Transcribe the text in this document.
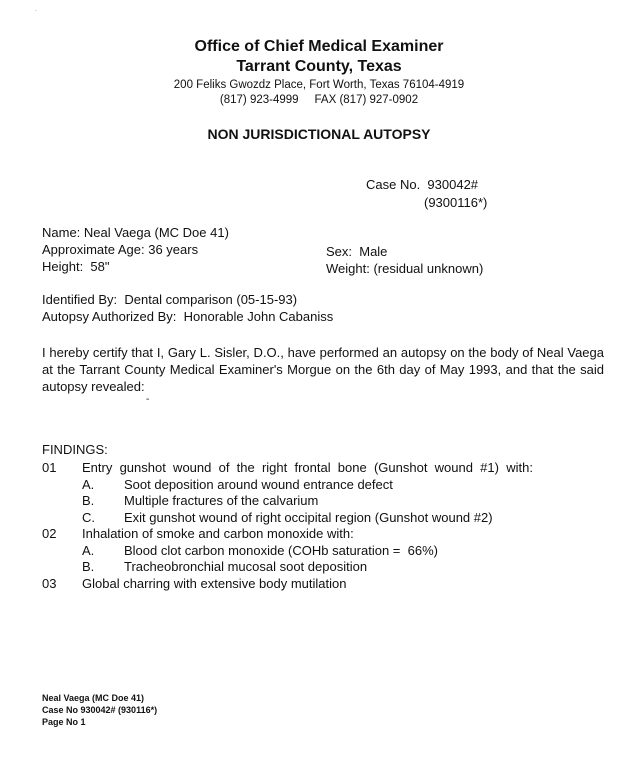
.
Office of Chief Medical Examiner
Tarrant County, Texas
200 Feliks Gwozdz Place, Fort Worth, Texas 76104-4919
(817) 923-4999     FAX (817) 927-0902
NON JURISDICTIONAL AUTOPSY
Case No.  930042#
(9300116*)
Name: Neal Vaega (MC Doe 41)
Approximate Age: 36 years
Height:  58"
Sex:  Male
Weight: (residual unknown)
Identified By:  Dental comparison (05-15-93)
Autopsy Authorized By:  Honorable John Cabaniss
I hereby certify that I, Gary L. Sisler, D.O., have performed an autopsy on the body of Neal Vaega at the Tarrant County Medical Examiner's Morgue on the 6th day of May 1993, and that the said autopsy revealed:
-
FINDINGS:
01 Entry  gunshot  wound  of  the  right  frontal  bone  (Gunshot  wound  #1)  with:
A. Soot deposition around wound entrance defect
B. Multiple fractures of the calvarium
C. Exit gunshot wound of right occipital region (Gunshot wound #2)
02 Inhalation of smoke and carbon monoxide with:
A. Blood clot carbon monoxide (COHb saturation =  66%)
B. Tracheobronchial mucosal soot deposition
03 Global charring with extensive body mutilation
Neal Vaega (MC Doe 41)
Case No 930042# (930116*)
Page No 1
